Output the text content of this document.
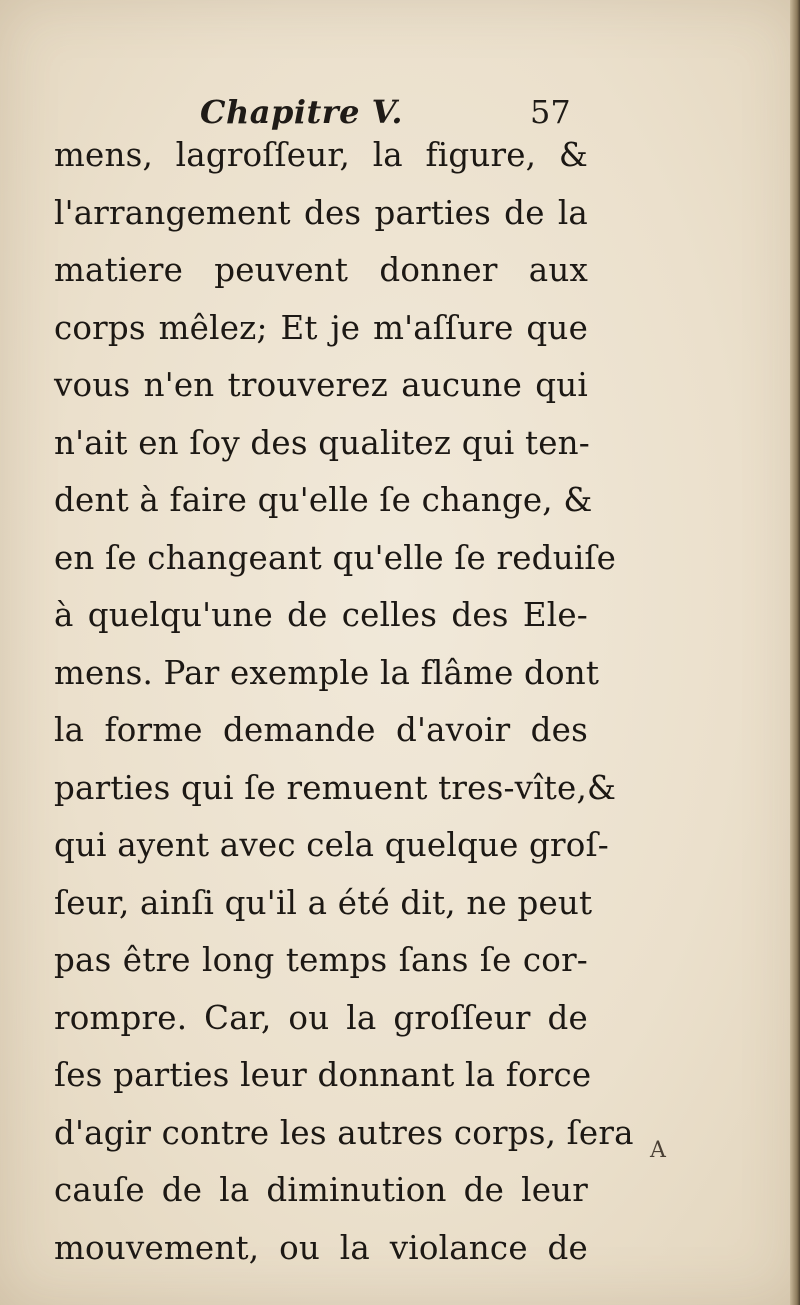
Chapitre V.	57
mens, lagroſſeur, la figure, &
l'arrangement des parties de la
matiere peuvent donner aux
corps mêlez; Et je m'aſſure que
vous n'en trouverez aucune qui
n'ait en ſoy des qualitez qui ten-
dent à faire qu'elle ſe change, &
en ſe changeant qu'elle ſe reduiſe
à quelqu'une de celles des Ele-
mens. Par exemple la flâme dont
la forme demande d'avoir des
parties qui ſe remuent tres-vîte,&
qui ayent avec cela quelque groſ-
ſeur, ainſi qu'il a été dit, ne peut
pas être long temps ſans ſe cor-
rompre. Car, ou la groſſeur de
ſes parties leur donnant la force
d'agir contre les autres corps, ſera
cauſe de la diminution de leur
mouvement, ou la violance de
A
